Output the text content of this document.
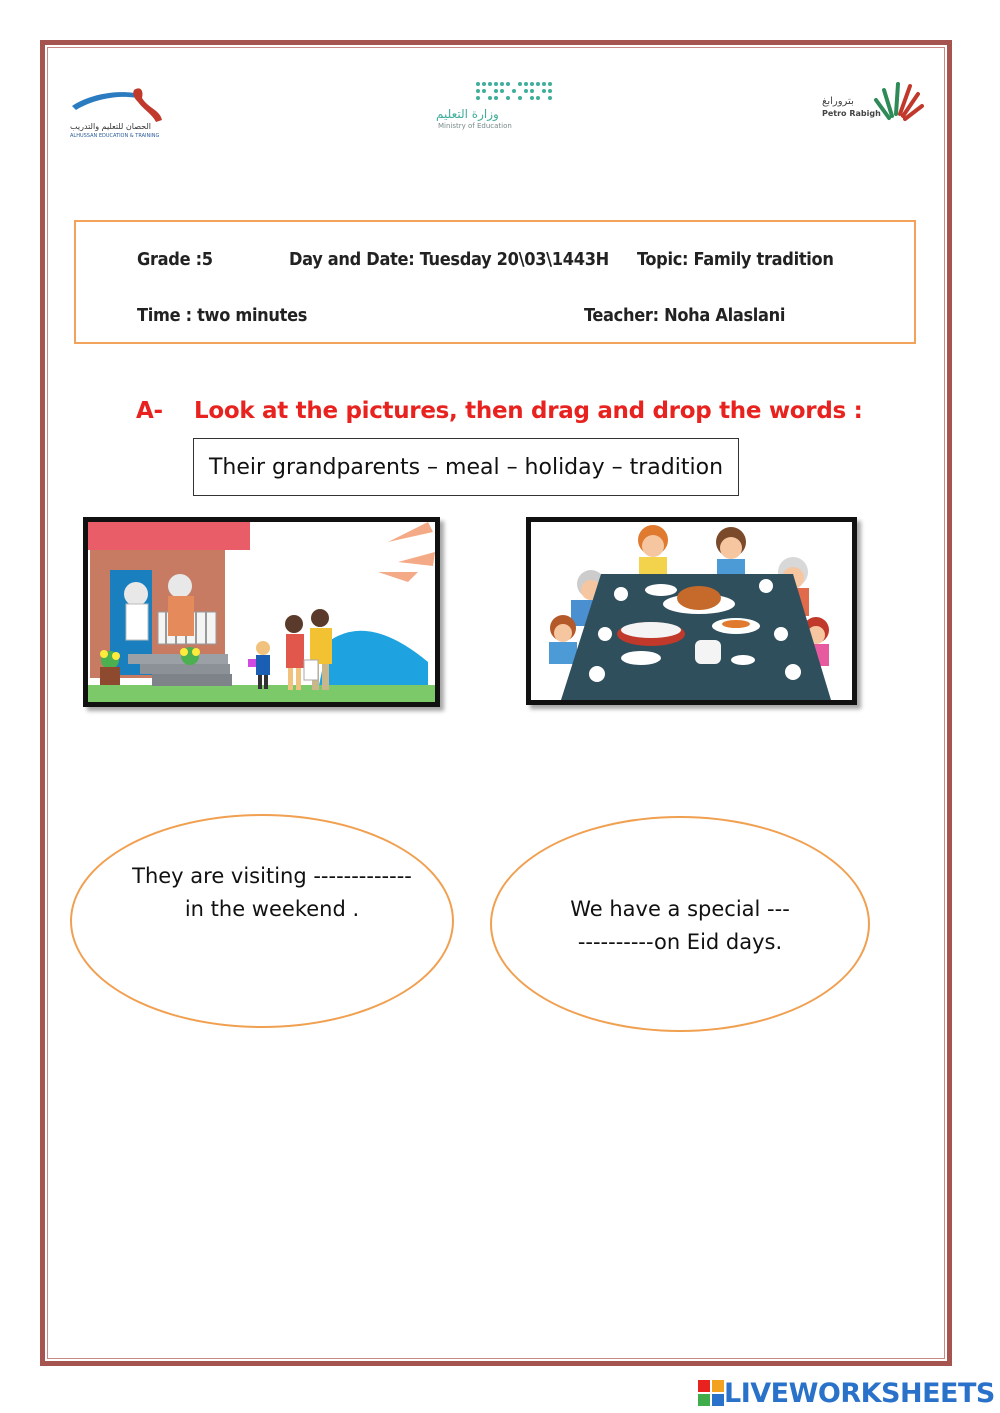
الحصان للتعليم والتدريب
ALHUSSAN EDUCATION & TRAINING
وزارة التعليم
Ministry of Education
بترورابغ
Petro Rabigh
Grade :5	Day and Date: Tuesday 20\03\1443H Topic: Family tradition
Time : two minutes	Teacher: Noha Alaslani
A- Look at the pictures, then drag and drop the words :
Their grandparents – meal – holiday – tradition
They are visiting -------------
in the weekend .	We have a special ---
----------on Eid days.
LIVEWORKSHEETS
